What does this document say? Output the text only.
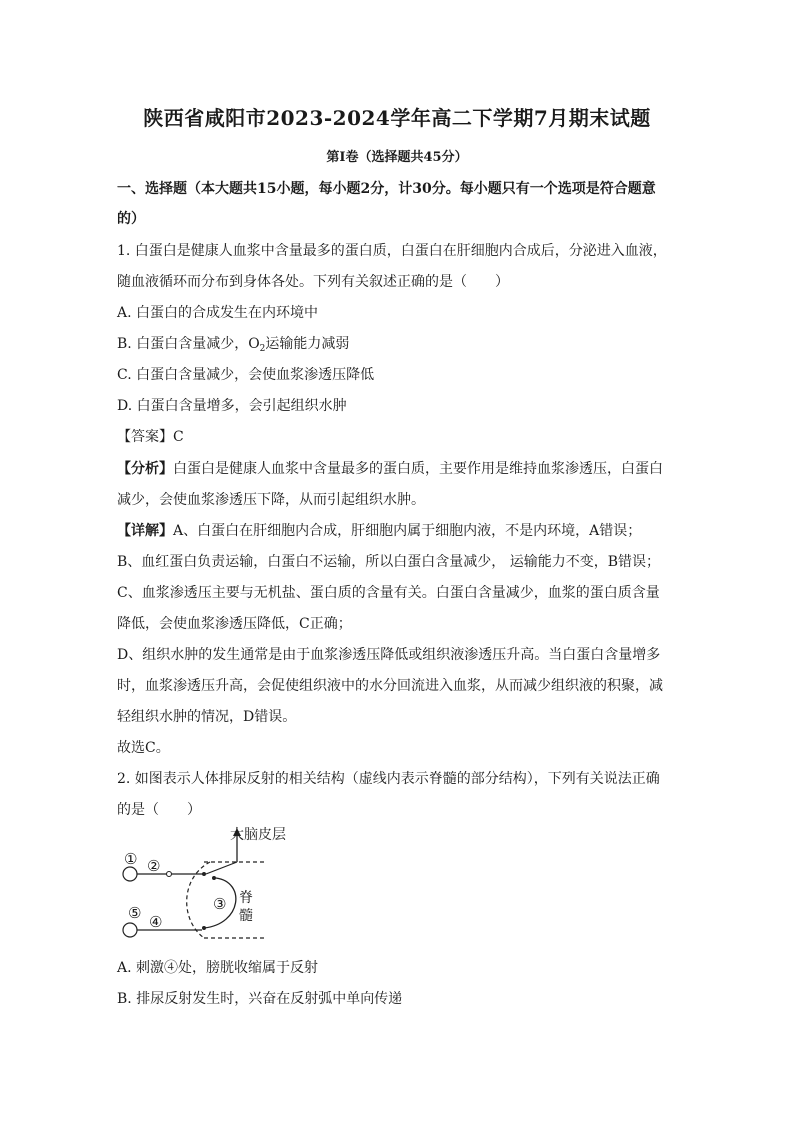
陕西省咸阳市2023-2024学年高二下学期7月期末试题
第Ⅰ卷（选择题共45分）
一、选择题（本大题共15小题，每小题2分，计30分。每小题只有一个选项是符合题意
的）
1. 白蛋白是健康人血浆中含量最多的蛋白质，白蛋白在肝细胞内合成后，分泌进入血液，
随血液循环而分布到身体各处。下列有关叙述正确的是（　　）
A. 白蛋白的合成发生在内环境中
B. 白蛋白含量减少，$O_2$运输能力减弱
C. 白蛋白含量减少，会使血浆渗透压降低
D. 白蛋白含量增多，会引起组织水肿
【答案】C
【分析】白蛋白是健康人血浆中含量最多的蛋白质，主要作用是维持血浆渗透压，白蛋白
减少，会使血浆渗透压下降，从而引起组织水肿。
【详解】A、白蛋白在肝细胞内合成，肝细胞内属于细胞内液，不是内环境，A错误；
B、血红蛋白负责运输，白蛋白不运输，所以白蛋白含量减少， 运输能力不变，B错误；
C、血浆渗透压主要与无机盐、蛋白质的含量有关。白蛋白含量减少，血浆的蛋白质含量
降低，会使血浆渗透压降低，C正确；
D、组织水肿的发生通常是由于血浆渗透压降低或组织液渗透压升高。当白蛋白含量增多
时，血浆渗透压升高，会促使组织液中的水分回流进入血浆，从而减少组织液的积聚，减
轻组织水肿的情况，D错误。
故选C。
2. 如图表示人体排尿反射的相关结构（虚线内表示脊髓的部分结构），下列有关说法正确
的是（　　）
大脑皮层
① ②
③
④
⑤
脊
髓
A. 刺激④处，膀胱收缩属于反射
B. 排尿反射发生时，兴奋在反射弧中单向传递
